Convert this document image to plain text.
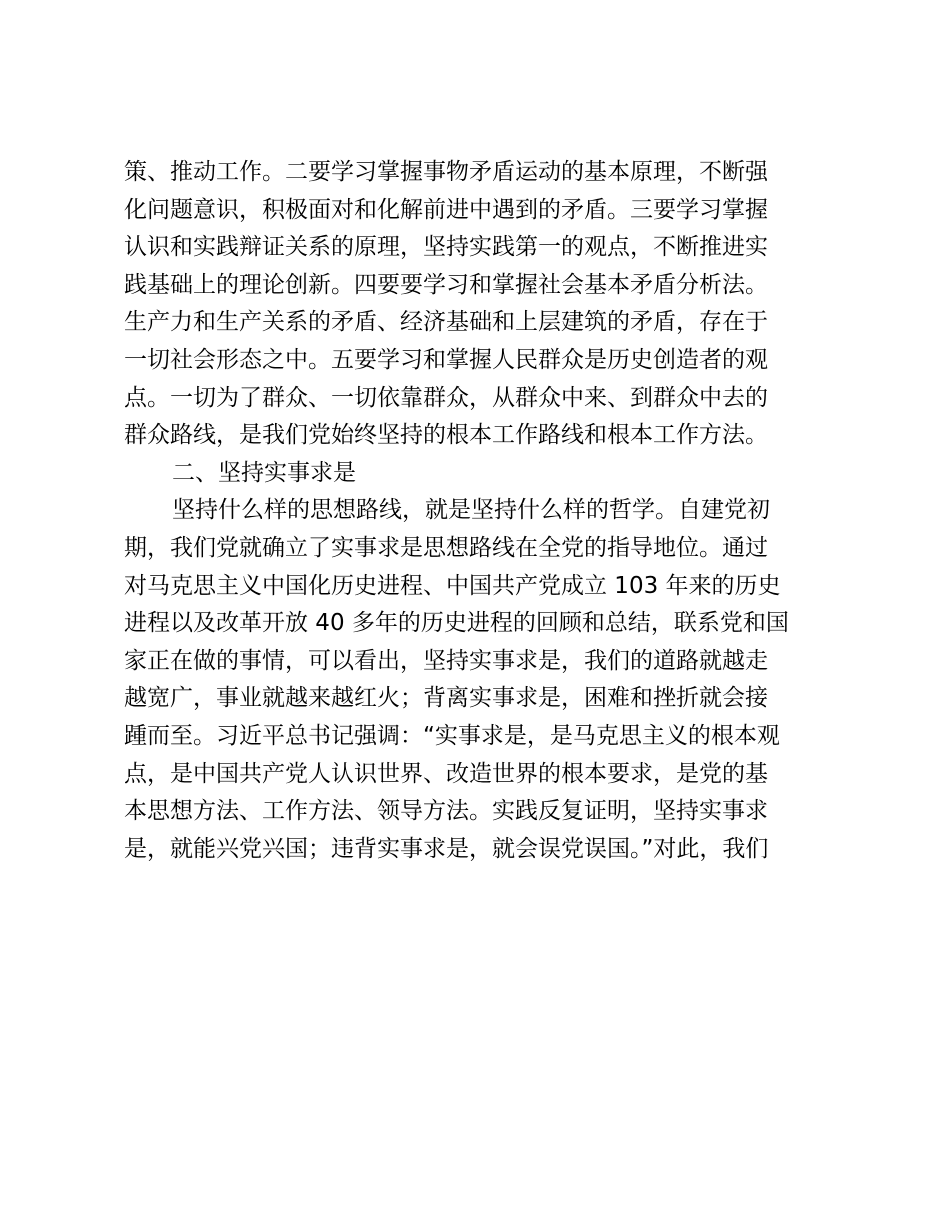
策、推动工作。二要学习掌握事物矛盾运动的基本原理，不断强
化问题意识，积极面对和化解前进中遇到的矛盾。三要学习掌握
认识和实践辩证关系的原理，坚持实践第一的观点，不断推进实
践基础上的理论创新。四要要学习和掌握社会基本矛盾分析法。
生产力和生产关系的矛盾、经济基础和上层建筑的矛盾，存在于
一切社会形态之中。五要学习和掌握人民群众是历史创造者的观
点。一切为了群众、一切依靠群众，从群众中来、到群众中去的
群众路线，是我们党始终坚持的根本工作路线和根本工作方法。
二、坚持实事求是
坚持什么样的思想路线，就是坚持什么样的哲学。自建党初
期，我们党就确立了实事求是思想路线在全党的指导地位。通过
对马克思主义中国化历史进程、中国共产党成立 103 年来的历史
进程以及改革开放 40 多年的历史进程的回顾和总结，联系党和国
家正在做的事情，可以看出，坚持实事求是，我们的道路就越走
越宽广，事业就越来越红火；背离实事求是，困难和挫折就会接
踵而至。习近平总书记强调：“实事求是，是马克思主义的根本观
点，是中国共产党人认识世界、改造世界的根本要求，是党的基
本思想方法、工作方法、领导方法。实践反复证明，坚持实事求
是，就能兴党兴国；违背实事求是，就会误党误国。”对此，我们
